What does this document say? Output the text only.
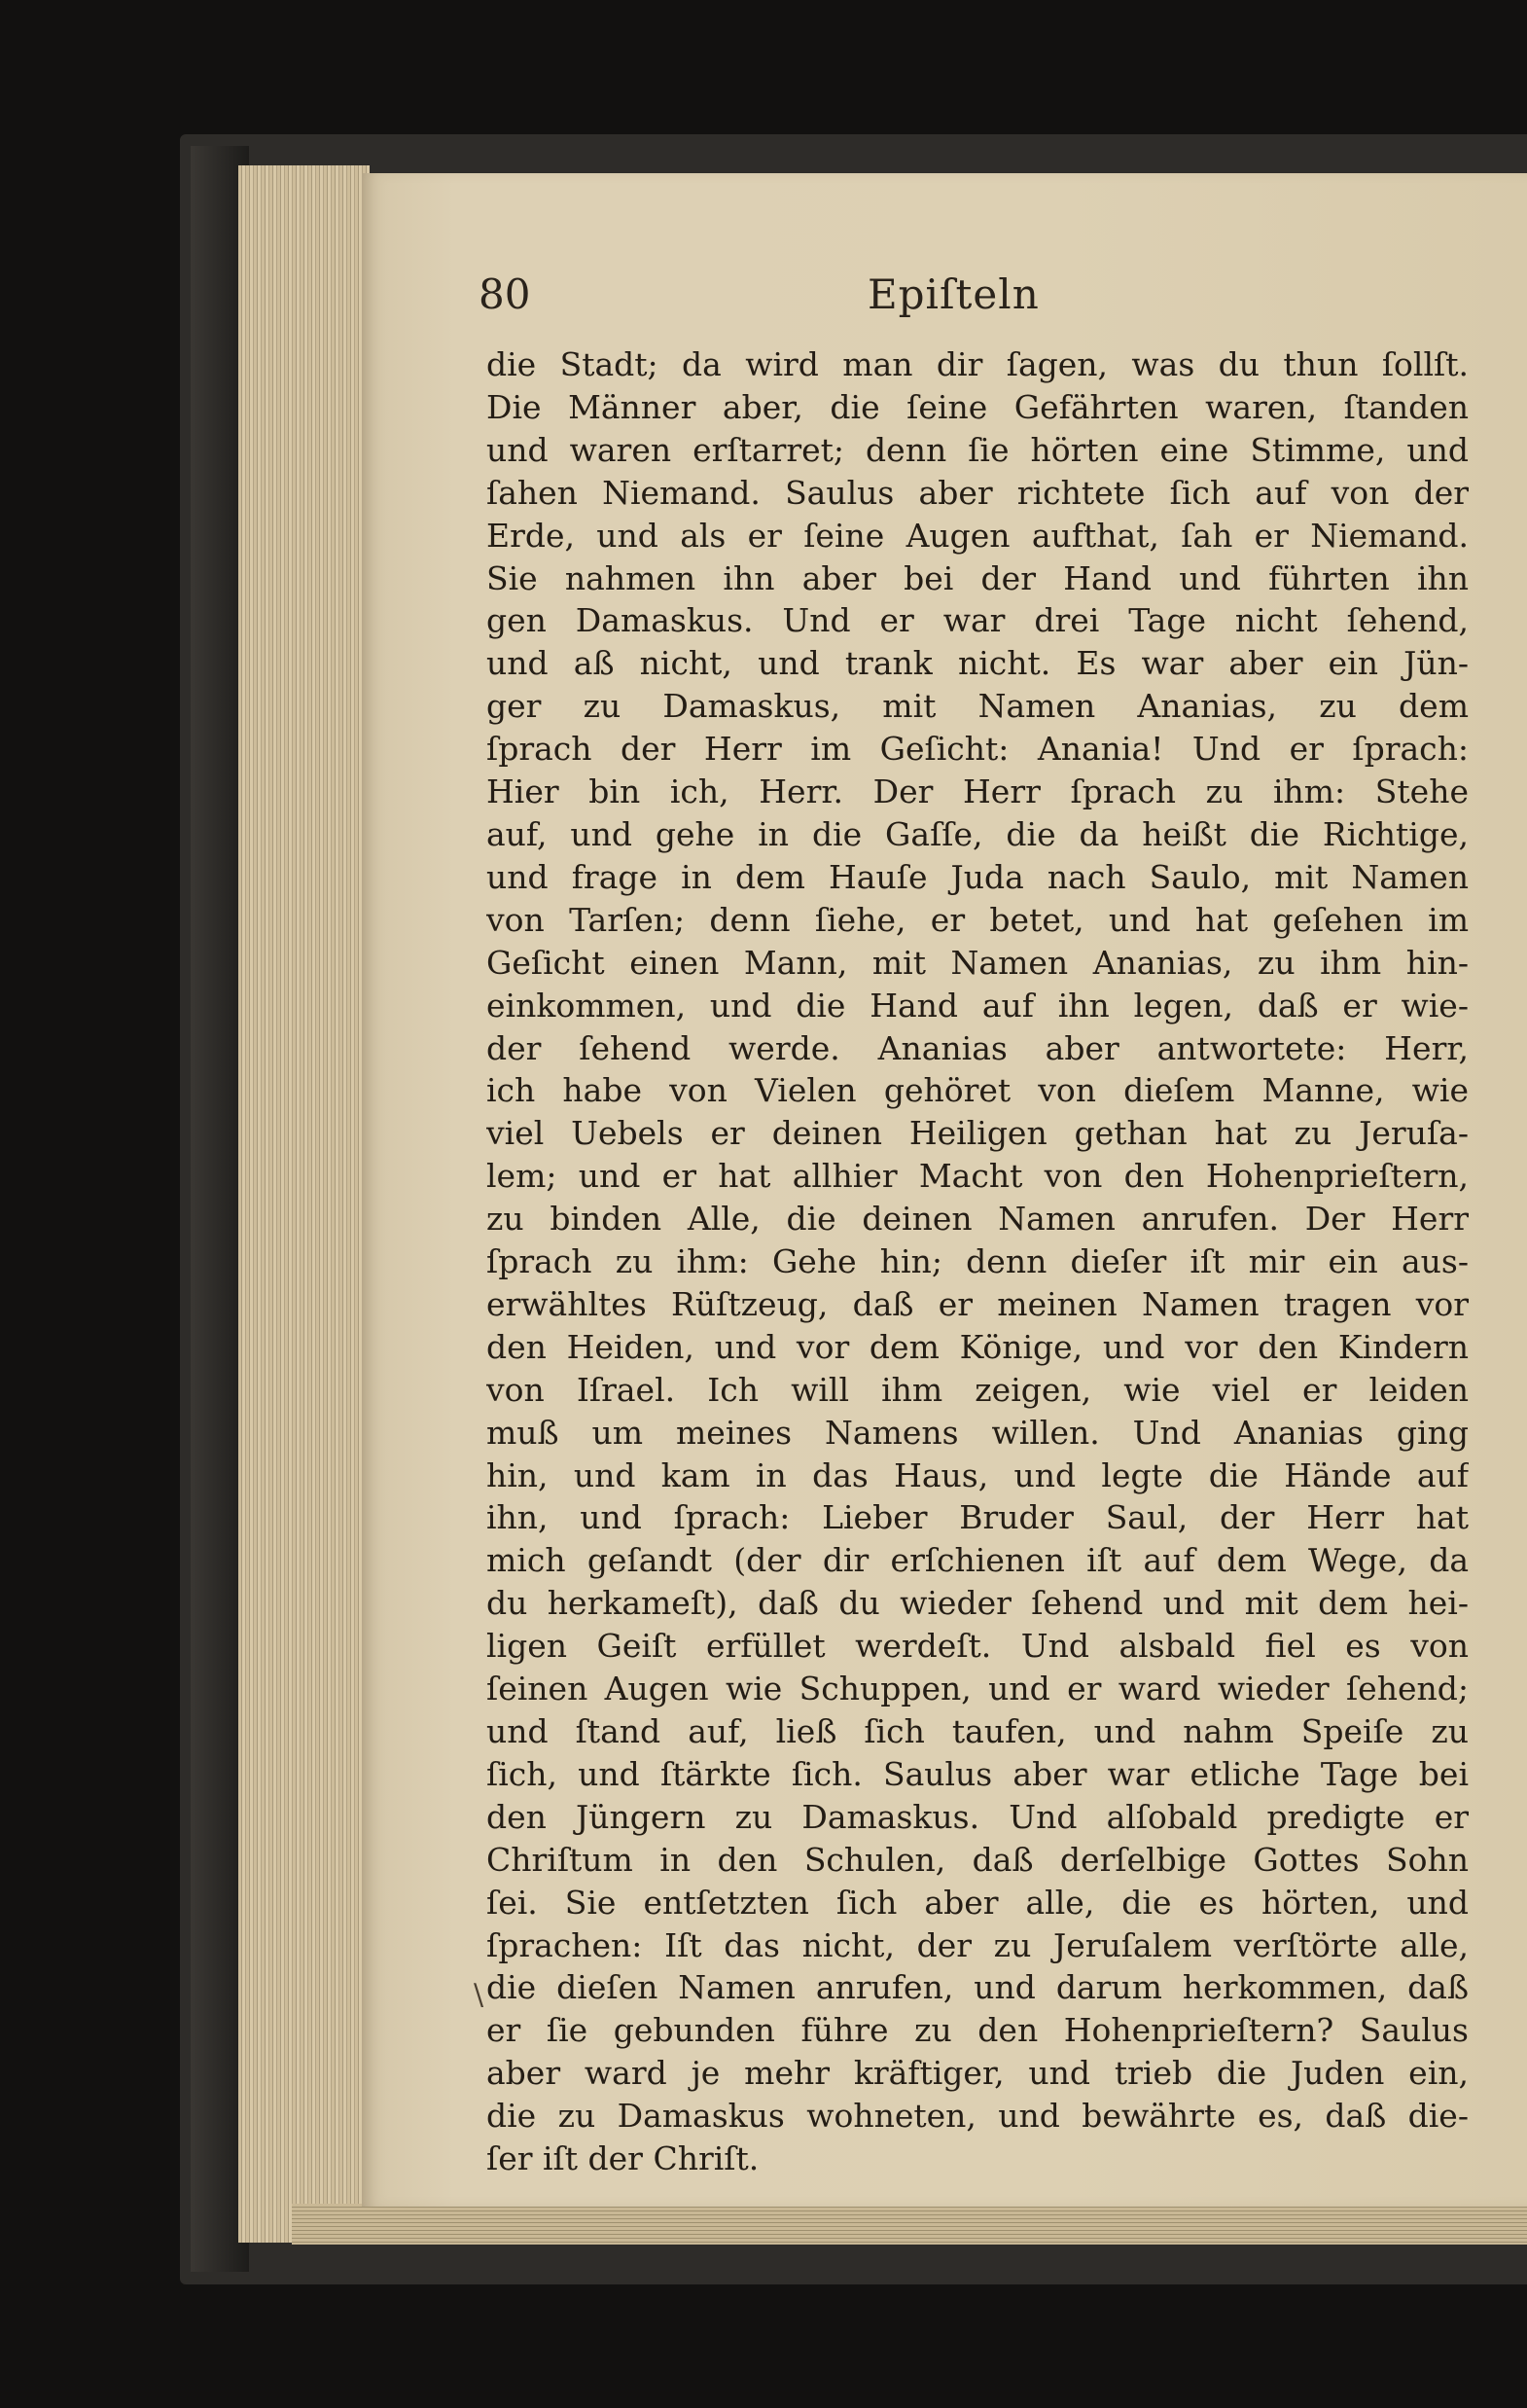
80	Epiſteln
die Stadt; da wird man dir ſagen, was du thun ſollſt.
Die Männer aber, die ſeine Gefährten waren, ſtanden
und waren erſtarret; denn ſie hörten eine Stimme, und
ſahen Niemand. Saulus aber richtete ſich auf von der
Erde, und als er ſeine Augen aufthat, ſah er Niemand.
Sie nahmen ihn aber bei der Hand und führten ihn
gen Damaskus. Und er war drei Tage nicht ſehend,
und aß nicht, und trank nicht. Es war aber ein Jün-
ger zu Damaskus, mit Namen Ananias, zu dem
ſprach der Herr im Geſicht: Anania! Und er ſprach:
Hier bin ich, Herr. Der Herr ſprach zu ihm: Stehe
auf, und gehe in die Gaſſe, die da heißt die Richtige,
und frage in dem Hauſe Juda nach Saulo, mit Namen
von Tarſen; denn ſiehe, er betet, und hat geſehen im
Geſicht einen Mann, mit Namen Ananias, zu ihm hin-
einkommen, und die Hand auf ihn legen, daß er wie-
der ſehend werde. Ananias aber antwortete: Herr,
ich habe von Vielen gehöret von dieſem Manne, wie
viel Uebels er deinen Heiligen gethan hat zu Jeruſa-
lem; und er hat allhier Macht von den Hohenprieſtern,
zu binden Alle, die deinen Namen anrufen. Der Herr
ſprach zu ihm: Gehe hin; denn dieſer iſt mir ein aus-
erwähltes Rüſtzeug, daß er meinen Namen tragen vor
den Heiden, und vor dem Könige, und vor den Kindern
von Iſrael. Ich will ihm zeigen, wie viel er leiden
muß um meines Namens willen. Und Ananias ging
hin, und kam in das Haus, und legte die Hände auf
ihn, und ſprach: Lieber Bruder Saul, der Herr hat
mich geſandt (der dir erſchienen iſt auf dem Wege, da
du herkameſt), daß du wieder ſehend und mit dem hei-
ligen Geiſt erfüllet werdeſt. Und alsbald fiel es von
ſeinen Augen wie Schuppen, und er ward wieder ſehend;
und ſtand auf, ließ ſich taufen, und nahm Speiſe zu
ſich, und ſtärkte ſich. Saulus aber war etliche Tage bei
den Jüngern zu Damaskus. Und alſobald predigte er
Chriſtum in den Schulen, daß derſelbige Gottes Sohn
ſei. Sie entſetzten ſich aber alle, die es hörten, und
ſprachen: Iſt das nicht, der zu Jeruſalem verſtörte alle,
die dieſen Namen anrufen, und darum herkommen, daß
er ſie gebunden führe zu den Hohenprieſtern? Saulus
aber ward je mehr kräftiger, und trieb die Juden ein,
die zu Damaskus wohneten, und bewährte es, daß die-
ſer iſt der Chriſt.
\
